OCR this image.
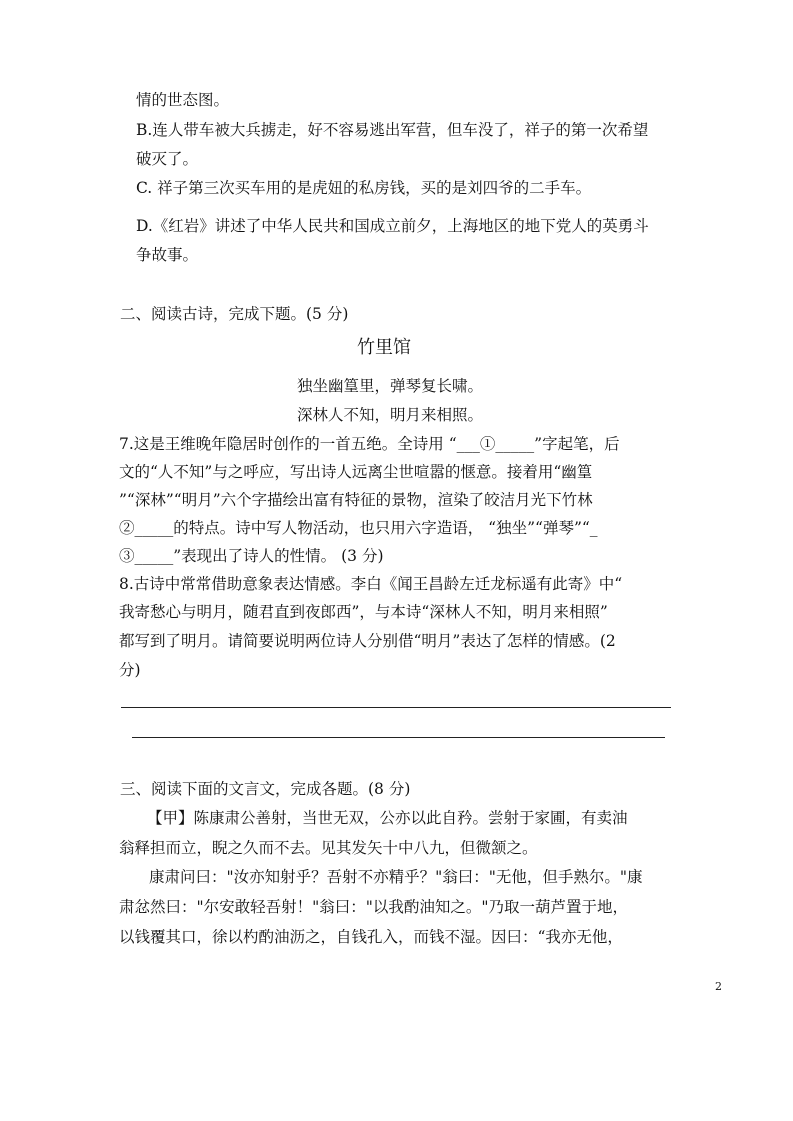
情的世态图。
B.连人带车被大兵掳走，好不容易逃出军营，但车没了，祥子的第一次希望
破灭了。
C. 祥子第三次买车用的是虎妞的私房钱，买的是刘四爷的二手车。
D.《红岩》讲述了中华人民共和国成立前夕，上海地区的地下党人的英勇斗
争故事。
二、阅读古诗，完成下题。(5 分)
竹里馆
独坐幽篁里，弹琴复长啸。
深林人不知，明月来相照。
7.这是王维晚年隐居时创作的一首五绝。全诗用 “___①_____”字起笔，后
文的“人不知”与之呼应，写出诗人远离尘世喧嚣的惬意。接着用“幽篁
”“深林”“明月”六个字描绘出富有特征的景物，渲染了皎洁月光下竹林
②_____的特点。诗中写人物活动，也只用六字造语， “独坐”“弹琴”“_
③_____”表现出了诗人的性情。 (3 分)
8.古诗中常常借助意象表达情感。李白《闻王昌龄左迁龙标遥有此寄》中“
我寄愁心与明月，随君直到夜郎西”，与本诗“深林人不知，明月来相照”
都写到了明月。请简要说明两位诗人分别借“明月”表达了怎样的情感。(2
分)
三、阅读下面的文言文，完成各题。(8 分)
【甲】陈康肃公善射，当世无双，公亦以此自矜。尝射于家圃，有卖油
翁释担而立，睨之久而不去。见其发矢十中八九，但微颔之。
康肃问曰："汝亦知射乎？吾射不亦精乎？"翁曰："无他，但手熟尔。"康
肃忿然曰："尔安敢轻吾射！"翁曰："以我酌油知之。"乃取一葫芦置于地，
以钱覆其口，徐以杓酌油沥之，自钱孔入，而钱不湿。因曰：“我亦无他，
2
